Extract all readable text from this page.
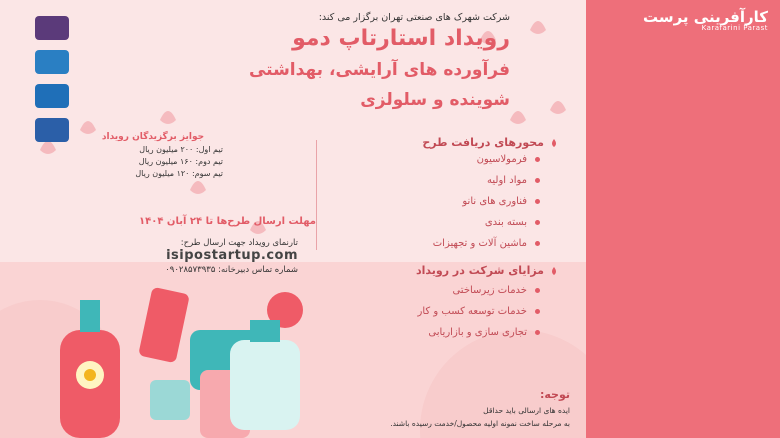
کارآفرینی پرست
Karafarini Parast
شرکت شهرک های صنعتی تهران برگزار می کند:
رویداد استارتاپ دمو
فرآورده های آرایشی، بهداشتی
شوینده و سلولزی
جوایز برگزیدگان رویداد
تیم اول: ۲۰۰ میلیون ریال
تیم دوم: ۱۶۰ میلیون ریال
تیم سوم: ۱۲۰ میلیون ریال
مهلت ارسال طرح‌ها تا ۲۴ آبان ۱۴۰۴
تارنمای رویداد جهت ارسال طرح:
isipostartup.com
شماره تماس دبیرخانه: ۰۹۰۲۸۵۷۳۹۳۵
محورهای دریافت طرح
فرمولاسیون
مواد اولیه
فناوری های نانو
بسته بندی
ماشین آلات و تجهیزات
مزایای شرکت در رویداد
خدمات زیرساختی
خدمات توسعه کسب و کار
تجاری سازی و بازاریابی
توجه:
ایده های ارسالی باید حداقل
به مرحله ساخت نمونه اولیه محصول/خدمت رسیده باشند.
